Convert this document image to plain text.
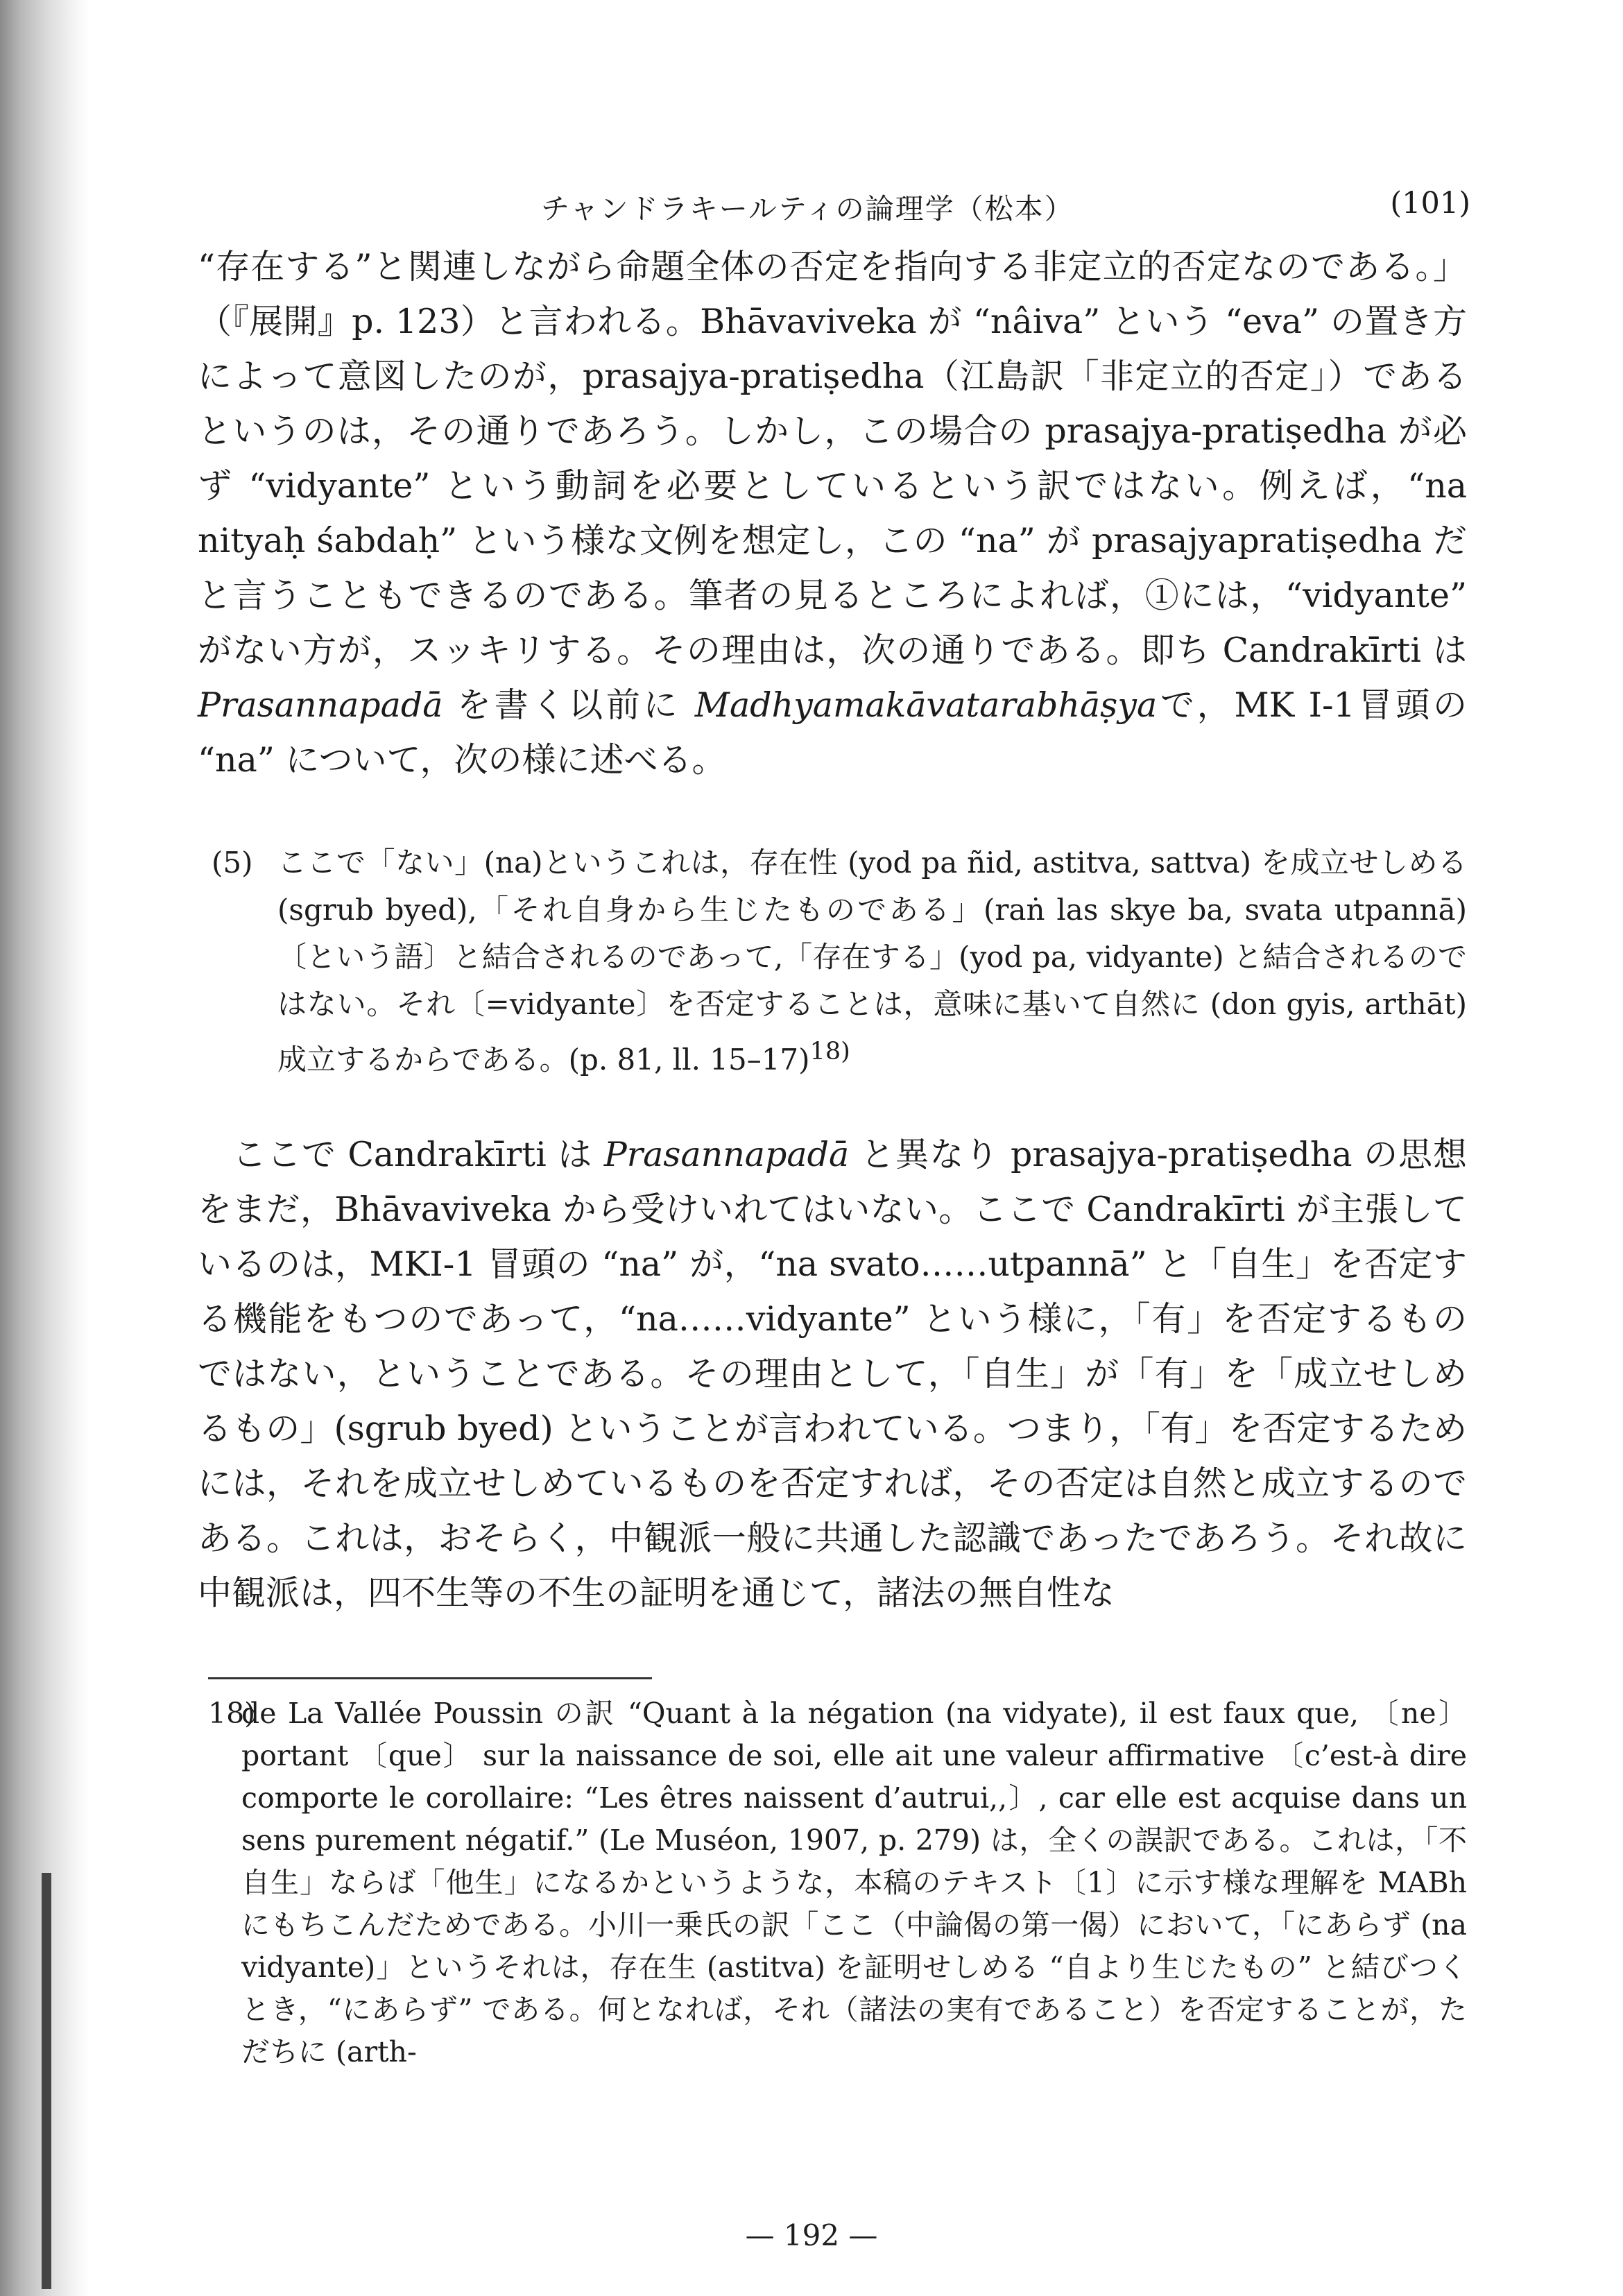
チャンドラキールティの論理学（松本）	(101)

“存在する”と関連しながら命題全体の否定を指向する非定立的否定なのである。」（『展開』p. 123）と言われる。Bhāvaviveka が “nâiva” という “eva” の置き方によって意図したのが，prasajya-pratiṣedha（江島訳「非定立的否定」）であるというのは，その通りであろう。しかし，この場合の prasajya-pratiṣedha が必ず “vidyante” という動詞を必要としているという訳ではない。例えば，“na nityaḥ śabdaḥ” という様な文例を想定し，この “na” が prasajyapratiṣedha だと言うこともできるのである。筆者の見るところによれば，①には，“vidyante” がない方が，スッキリする。その理由は，次の通りである。即ち Candrakīrti は Prasannapadā を書く以前に Madhyamakāvatarabhāṣyaで，MK I-1冒頭の “na” について，次の様に述べる。

(5) ここで「ない」(na)というこれは，存在性 (yod pa ñid, astitva, sattva) を成立せしめる (sgrub byed),「それ自身から生じたものである」(raṅ las skye ba, svata utpannā)〔という語〕と結合されるのであって,「存在する」(yod pa, vidyante) と結合されるのではない。それ〔=vidyante〕を否定することは，意味に基いて自然に (don gyis, arthāt) 成立するからである。(p. 81, ll. 15–17)$^{18)}$

ここで Candrakīrti は Prasannapadā と異なり prasajya-pratiṣedha の思想をまだ，Bhāvaviveka から受けいれてはいない。ここで Candrakīrti が主張しているのは，MKI-1 冒頭の “na” が，“na svato……utpannā” と「自生」を否定する機能をもつのであって，“na……vidyante” という様に，「有」を否定するものではない，ということである。その理由として，「自生」が「有」を「成立せしめるもの」(sgrub byed) ということが言われている。つまり，「有」を否定するためには，それを成立せしめているものを否定すれば，その否定は自然と成立するのである。これは，おそらく，中観派一般に共通した認識であったであろう。それ故に中観派は，四不生等の不生の証明を通じて，諸法の無自性な

18)
de La Vallée Poussin の訳 “Quant à la négation (na vidyate), il est faux que, 〔ne〕 portant 〔que〕 sur la naissance de soi, elle ait une valeur affirmative 〔c’est-à dire comporte le corollaire: “Les êtres naissent d’autrui,,〕, car elle est acquise dans un sens purement négatif.” (Le Muséon, 1907, p. 279) は，全くの誤訳である。これは，「不自生」ならば「他生」になるかというような，本稿のテキスト〔1〕に示す様な理解を MABh にもちこんだためである。小川一乗氏の訳「ここ（中論偈の第一偈）において，「にあらず (na vidyante)」というそれは，存在生 (astitva) を証明せしめる “自より生じたもの” と結びつくとき，“にあらず” である。何となれば，それ（諸法の実有であること）を否定することが，ただちに (arth-
— 192 —
